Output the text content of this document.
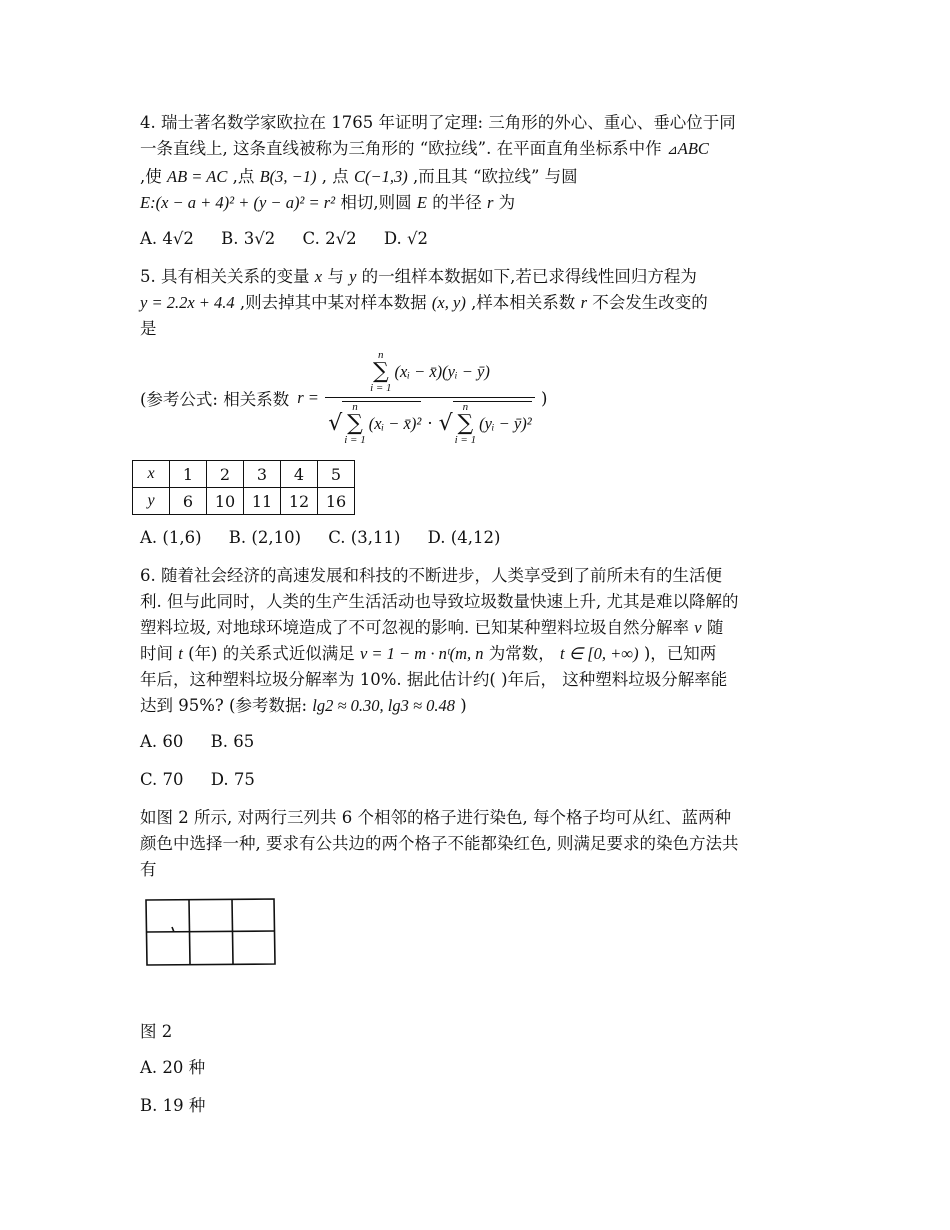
4. 瑞士著名数学家欧拉在 1765 年证明了定理: 三角形的外心、重心、垂心位于同

一条直线上, 这条直线被称为三角形的 “欧拉线”. 在平面直角坐标系中作 ⊿ABC

,使 AB = AC ,点 B(3, −1) , 点 C(−1,3) ,而且其 “欧拉线” 与圆

E:(x − a + 4)² + (y − a)² = r² 相切,则圆 E 的半径 r 为

A. 4√2 B. 3√2 C. 2√2 D. √2

5. 具有相关关系的变量 x 与 y 的一组样本数据如下,若已求得线性回归方程为

y = 2.2x + 4.4 ,则去掉其中某对样本数据 (x, y) ,样本相关系数 r 不会发生改变的

是

(参考公式: 相关系数 r =
n
∑
i = 1
(xᵢ − x̄)(yᵢ − ȳ)
√
n
∑
i = 1
(xᵢ − x̄)² · √
n
∑
i = 1
(yᵢ − ȳ)²
)
x	1	2	3	4	5
y	6	10	11	12	16

A. (1,6) B. (2,10) C. (3,11) D. (4,12)

6. 随着社会经济的高速发展和科技的不断进步，人类享受到了前所未有的生活便

利. 但与此同时，人类的生产生活活动也导致垃圾数量快速上升, 尤其是难以降解的

塑料垃圾, 对地球环境造成了不可忽视的影响. 已知某种塑料垃圾自然分解率 v 随

时间 t (年) 的关系式近似满足 v = 1 − m · nᵗ(m, n 为常数， t ∈ [0, +∞) )，已知两

年后，这种塑料垃圾分解率为 10%. 据此估计约( )年后， 这种塑料垃圾分解率能

达到 95%? (参考数据: lg2 ≈ 0.30, lg3 ≈ 0.48 )

A. 60 B. 65

C. 70 D. 75

如图 2 所示, 对两行三列共 6 个相邻的格子进行染色, 每个格子均可从红、蓝两种

颜色中选择一种, 要求有公共边的两个格子不能都染红色, 则满足要求的染色方法共

有

图 2

A. 20 种

B. 19 种
